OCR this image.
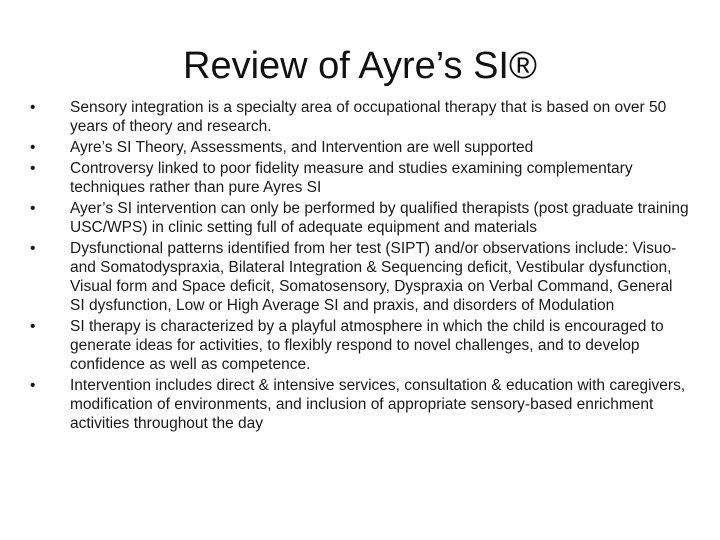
Review of Ayre’s SI®
•	Sensory integration is a specialty area of occupational therapy that is based on over 50 years of theory and research.
•	Ayre’s SI Theory, Assessments, and Intervention are well supported
•	Controversy linked to poor fidelity measure and studies examining complementary techniques rather than pure Ayres SI
•	Ayer’s SI intervention can only be performed by qualified therapists (post graduate training USC/WPS) in clinic setting full of adequate equipment and materials
•	Dysfunctional patterns identified from her test (SIPT) and/or observations include: Visuo- and Somatodyspraxia, Bilateral Integration & Sequencing deficit, Vestibular dysfunction, Visual form and Space deficit, Somatosensory, Dyspraxia on Verbal Command, General SI dysfunction, Low or High Average SI and praxis, and disorders of Modulation
•	SI therapy is characterized by a playful atmosphere in which the child is encouraged to generate ideas for activities, to flexibly respond to novel challenges, and to develop confidence as well as competence.
•	Intervention includes direct & intensive services, consultation & education with caregivers, modification of environments, and inclusion of appropriate sensory-based enrichment activities throughout the day
